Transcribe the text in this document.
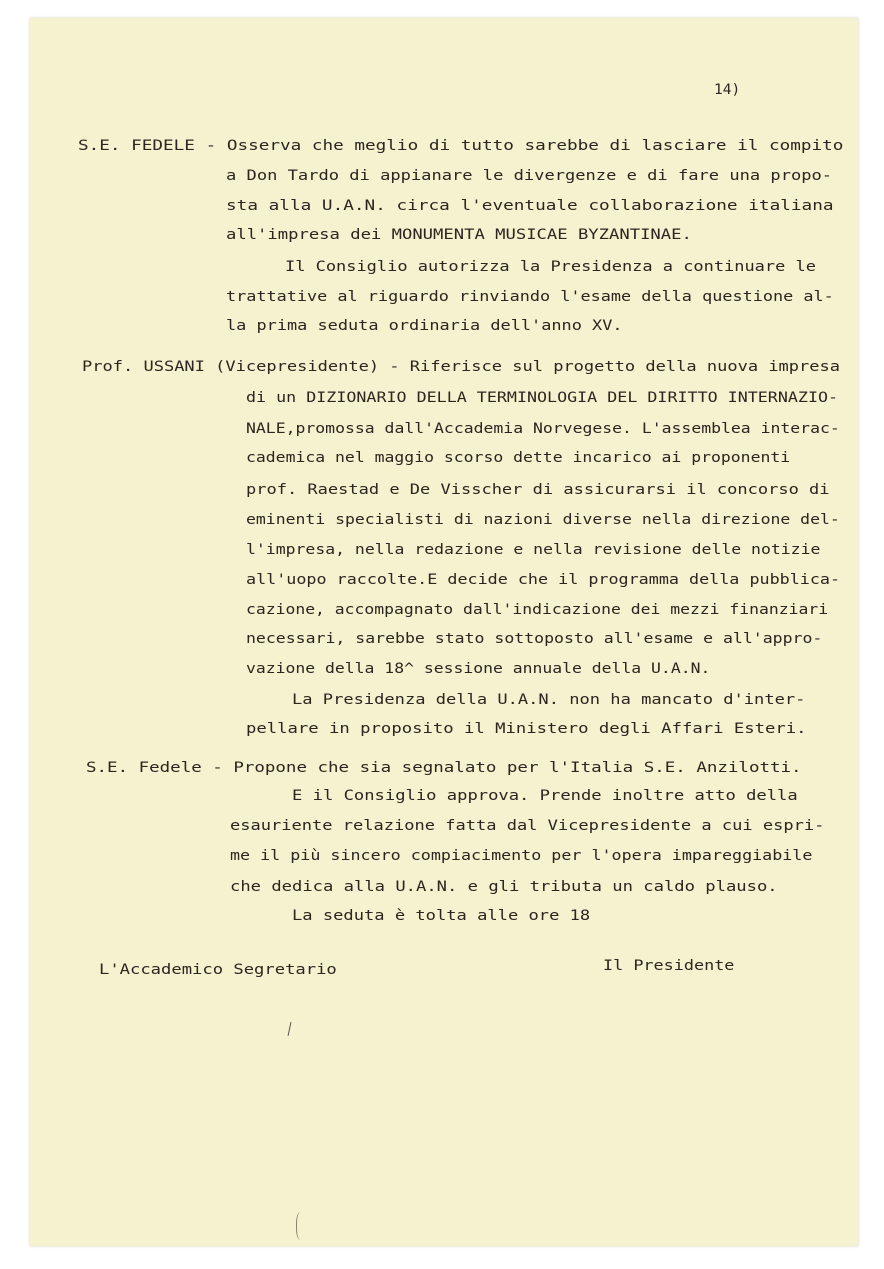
14)
S.E. FEDELE - Osserva che meglio di tutto sarebbe di lasciare il compito
a Don Tardo di appianare le divergenze e di fare una propo-
sta alla U.A.N. circa l'eventuale collaborazione italiana
all'impresa dei MONUMENTA MUSICAE BYZANTINAE.
Il Consiglio autorizza la Presidenza a continuare le
trattative al riguardo rinviando l'esame della questione al-
la prima seduta ordinaria dell'anno XV.
Prof. USSANI (Vicepresidente) - Riferisce sul progetto della nuova impresa
di un DIZIONARIO DELLA TERMINOLOGIA DEL DIRITTO INTERNAZIO-
NALE,promossa dall'Accademia Norvegese. L'assemblea interac-
cademica nel maggio scorso dette incarico ai proponenti
prof. Raestad e De Visscher di assicurarsi il concorso di
eminenti specialisti di nazioni diverse nella direzione del-
l'impresa, nella redazione e nella revisione delle notizie
all'uopo raccolte.E decide che il programma della pubblica-
cazione, accompagnato dall'indicazione dei mezzi finanziari
necessari, sarebbe stato sottoposto all'esame e all'appro-
vazione della 18^ sessione annuale della U.A.N.
La Presidenza della U.A.N. non ha mancato d'inter-
pellare in proposito il Ministero degli Affari Esteri.
S.E. Fedele - Propone che sia segnalato per l'Italia S.E. Anzilotti.
E il Consiglio approva. Prende inoltre atto della
esauriente relazione fatta dal Vicepresidente a cui espri-
me il più sincero compiacimento per l'opera impareggiabile
che dedica alla U.A.N. e gli tributa un caldo plauso.
La seduta è tolta alle ore 18
L'Accademico Segretario	Il Presidente
